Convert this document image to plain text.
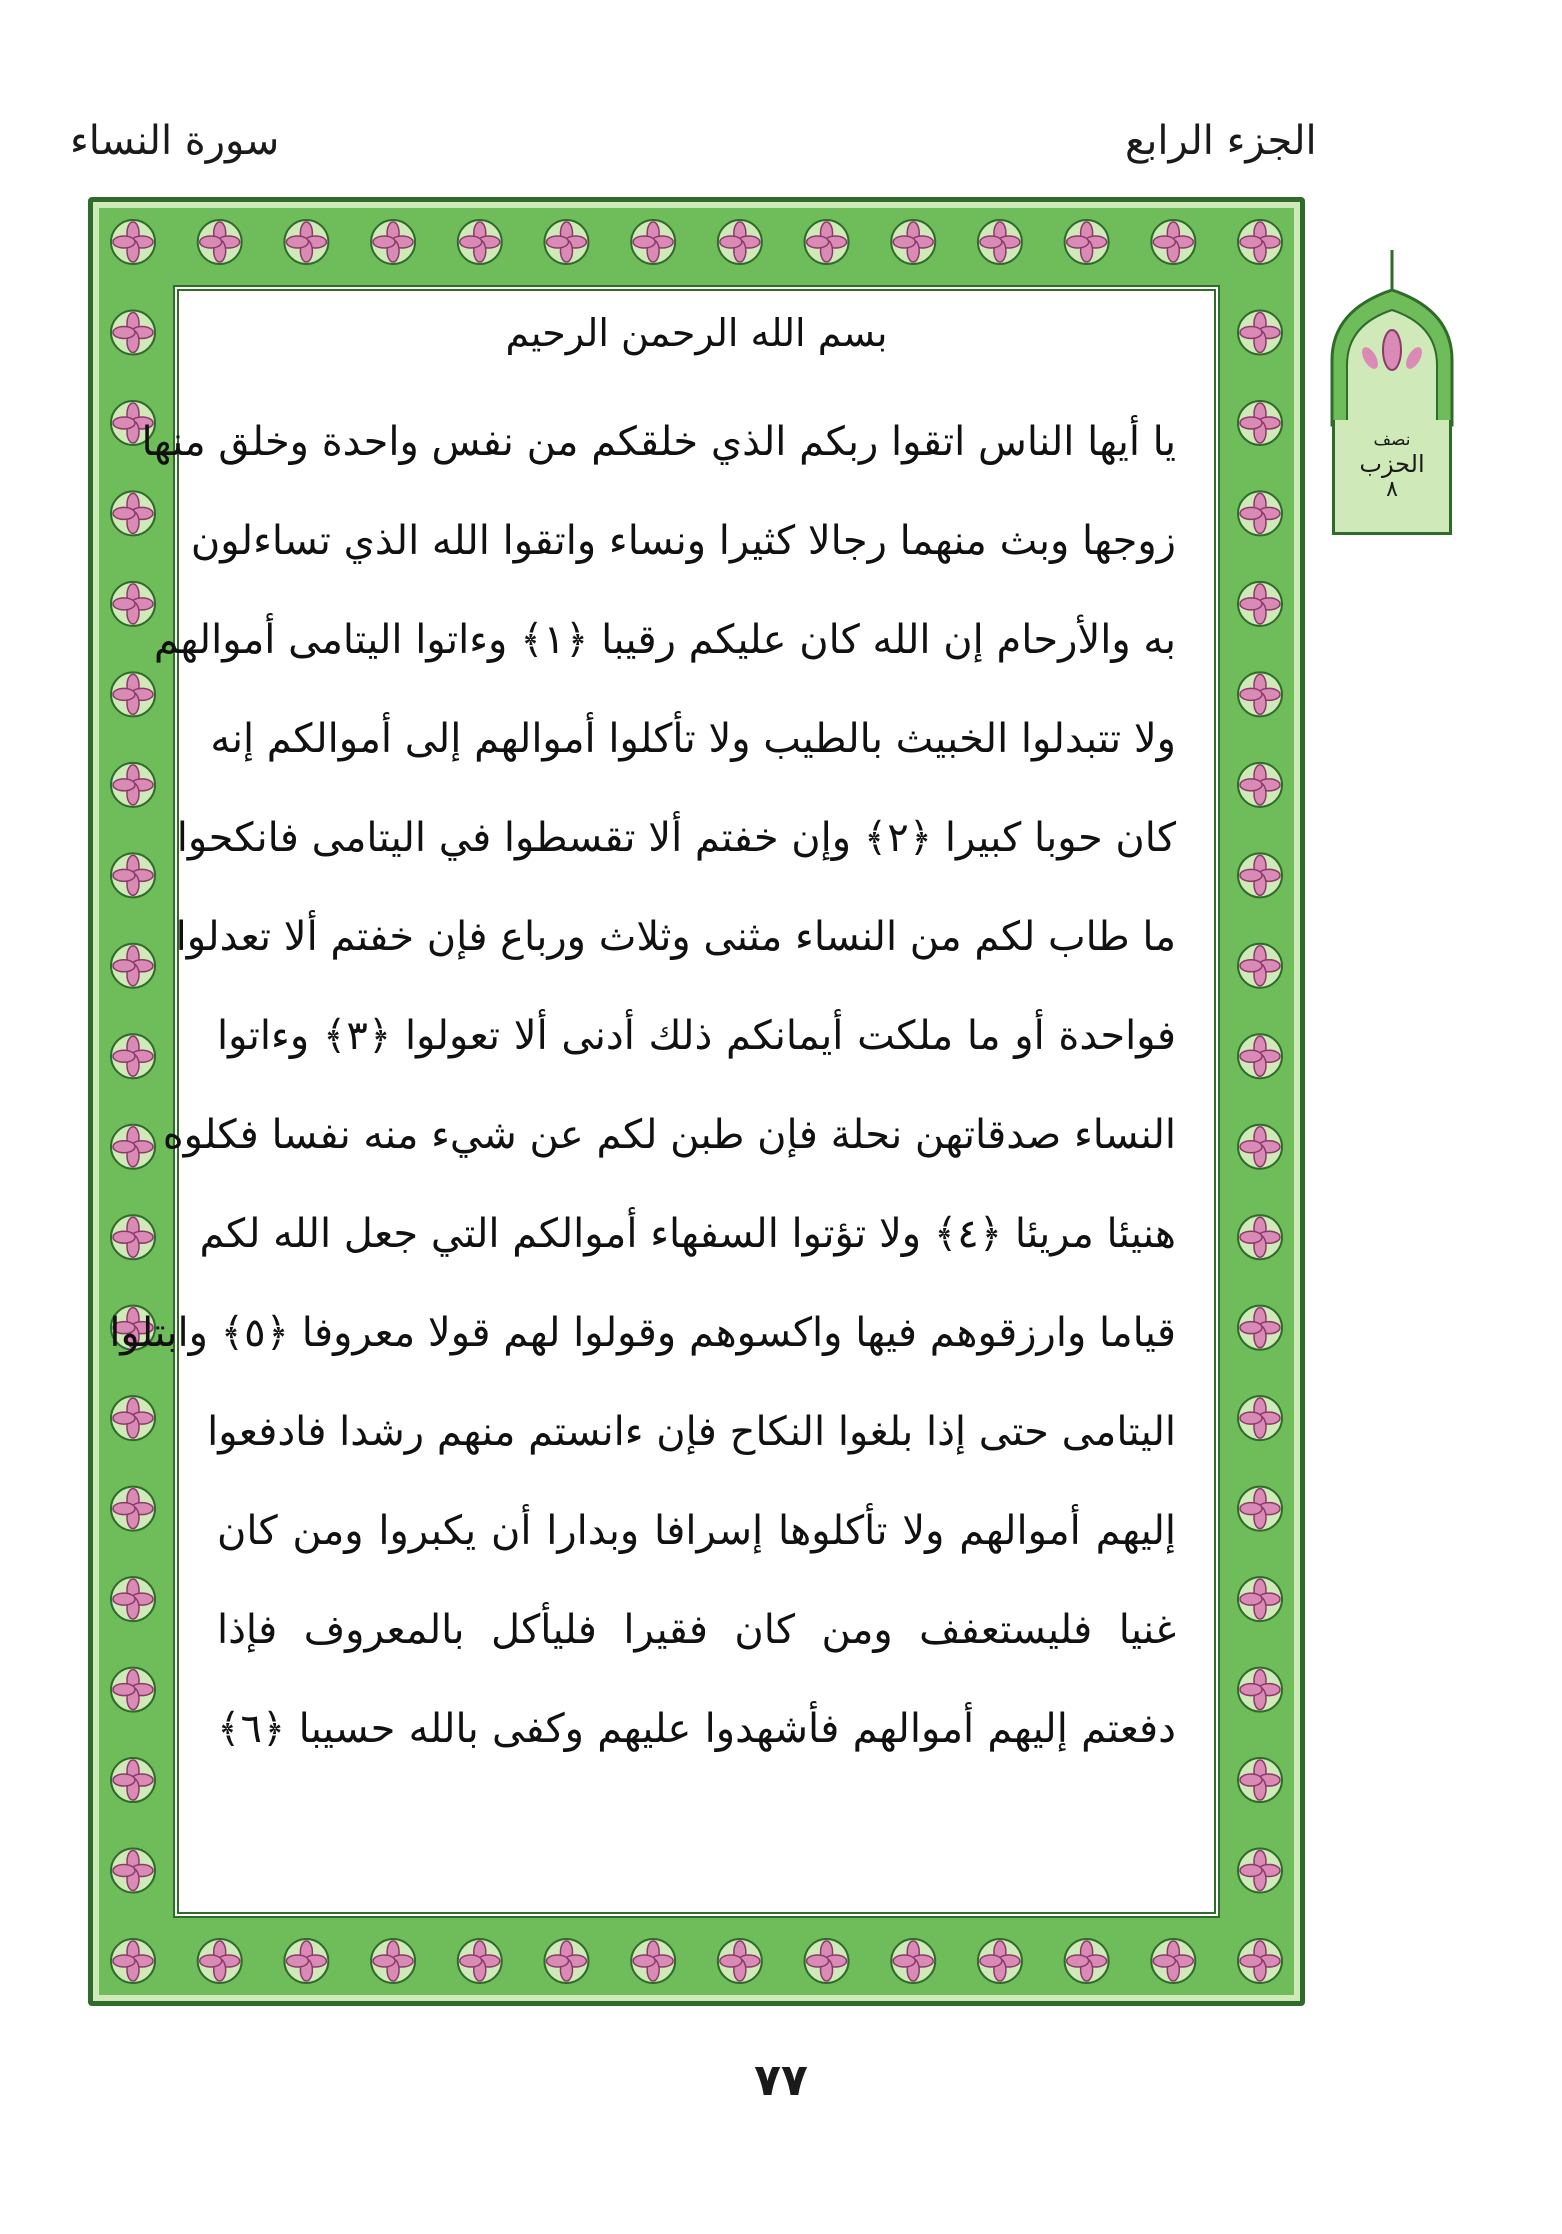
سورة النساء	الجزء الرابع
بسم الله الرحمن الرحيم
يا أيها الناس اتقوا ربكم الذي خلقكم من نفس واحدة وخلق منها
زوجها وبث منهما رجالا كثيرا ونساء واتقوا الله الذي تساءلون
به والأرحام إن الله كان عليكم رقيبا ﴿١﴾ وءاتوا اليتامى أموالهم
ولا تتبدلوا الخبيث بالطيب ولا تأكلوا أموالهم إلى أموالكم إنه
كان حوبا كبيرا ﴿٢﴾ وإن خفتم ألا تقسطوا في اليتامى فانكحوا
ما طاب لكم من النساء مثنى وثلاث ورباع فإن خفتم ألا تعدلوا
فواحدة أو ما ملكت أيمانكم ذلك أدنى ألا تعولوا ﴿٣﴾ وءاتوا
النساء صدقاتهن نحلة فإن طبن لكم عن شيء منه نفسا فكلوه
هنيئا مريئا ﴿٤﴾ ولا تؤتوا السفهاء أموالكم التي جعل الله لكم
قياما وارزقوهم فيها واكسوهم وقولوا لهم قولا معروفا ﴿٥﴾ وابتلوا
اليتامى حتى إذا بلغوا النكاح فإن ءانستم منهم رشدا فادفعوا
إليهم أموالهم ولا تأكلوها إسرافا وبدارا أن يكبروا ومن كان
غنيا فليستعفف ومن كان فقيرا فليأكل بالمعروف فإذا
دفعتم إليهم أموالهم فأشهدوا عليهم وكفى بالله حسيبا ﴿٦﴾
نصف
الحزب
٨
٧٧
